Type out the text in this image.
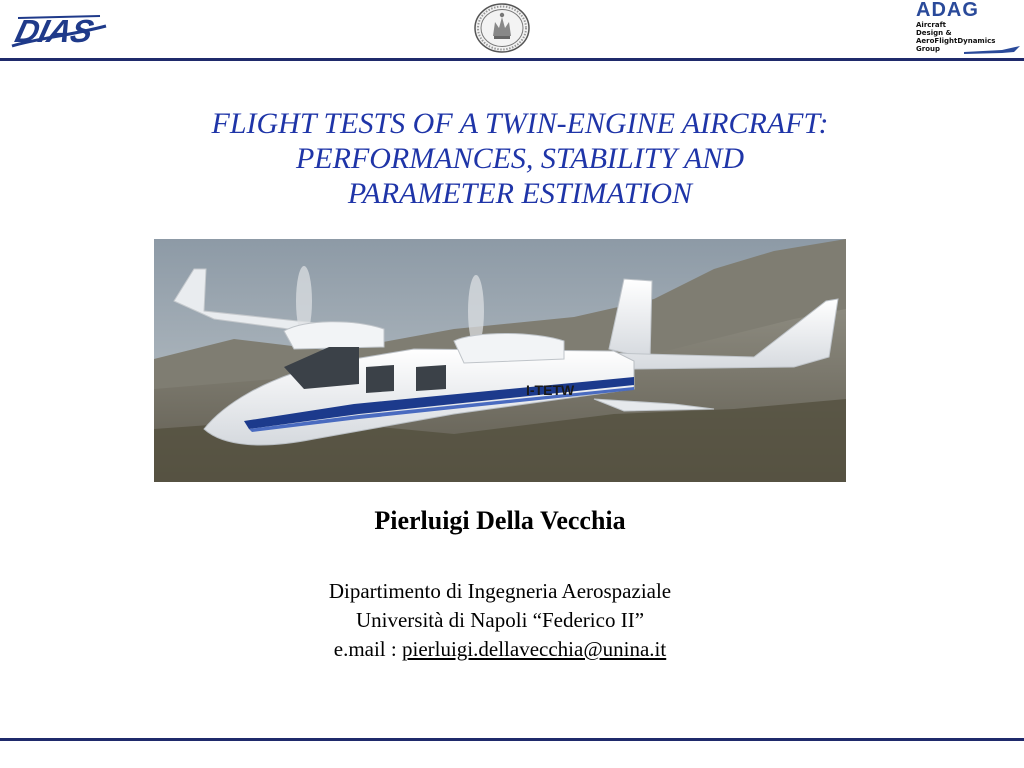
DIAS
ADAG
Aircraft
Design &
AeroFlightDynamics
Group
FLIGHT TESTS OF A TWIN-ENGINE AIRCRAFT:
PERFORMANCES, STABILITY AND
PARAMETER ESTIMATION
I-TETW
Pierluigi Della Vecchia
Dipartimento di Ingegneria Aerospaziale
Università di Napoli “Federico II”
e.mail : pierluigi.dellavecchia@unina.it
